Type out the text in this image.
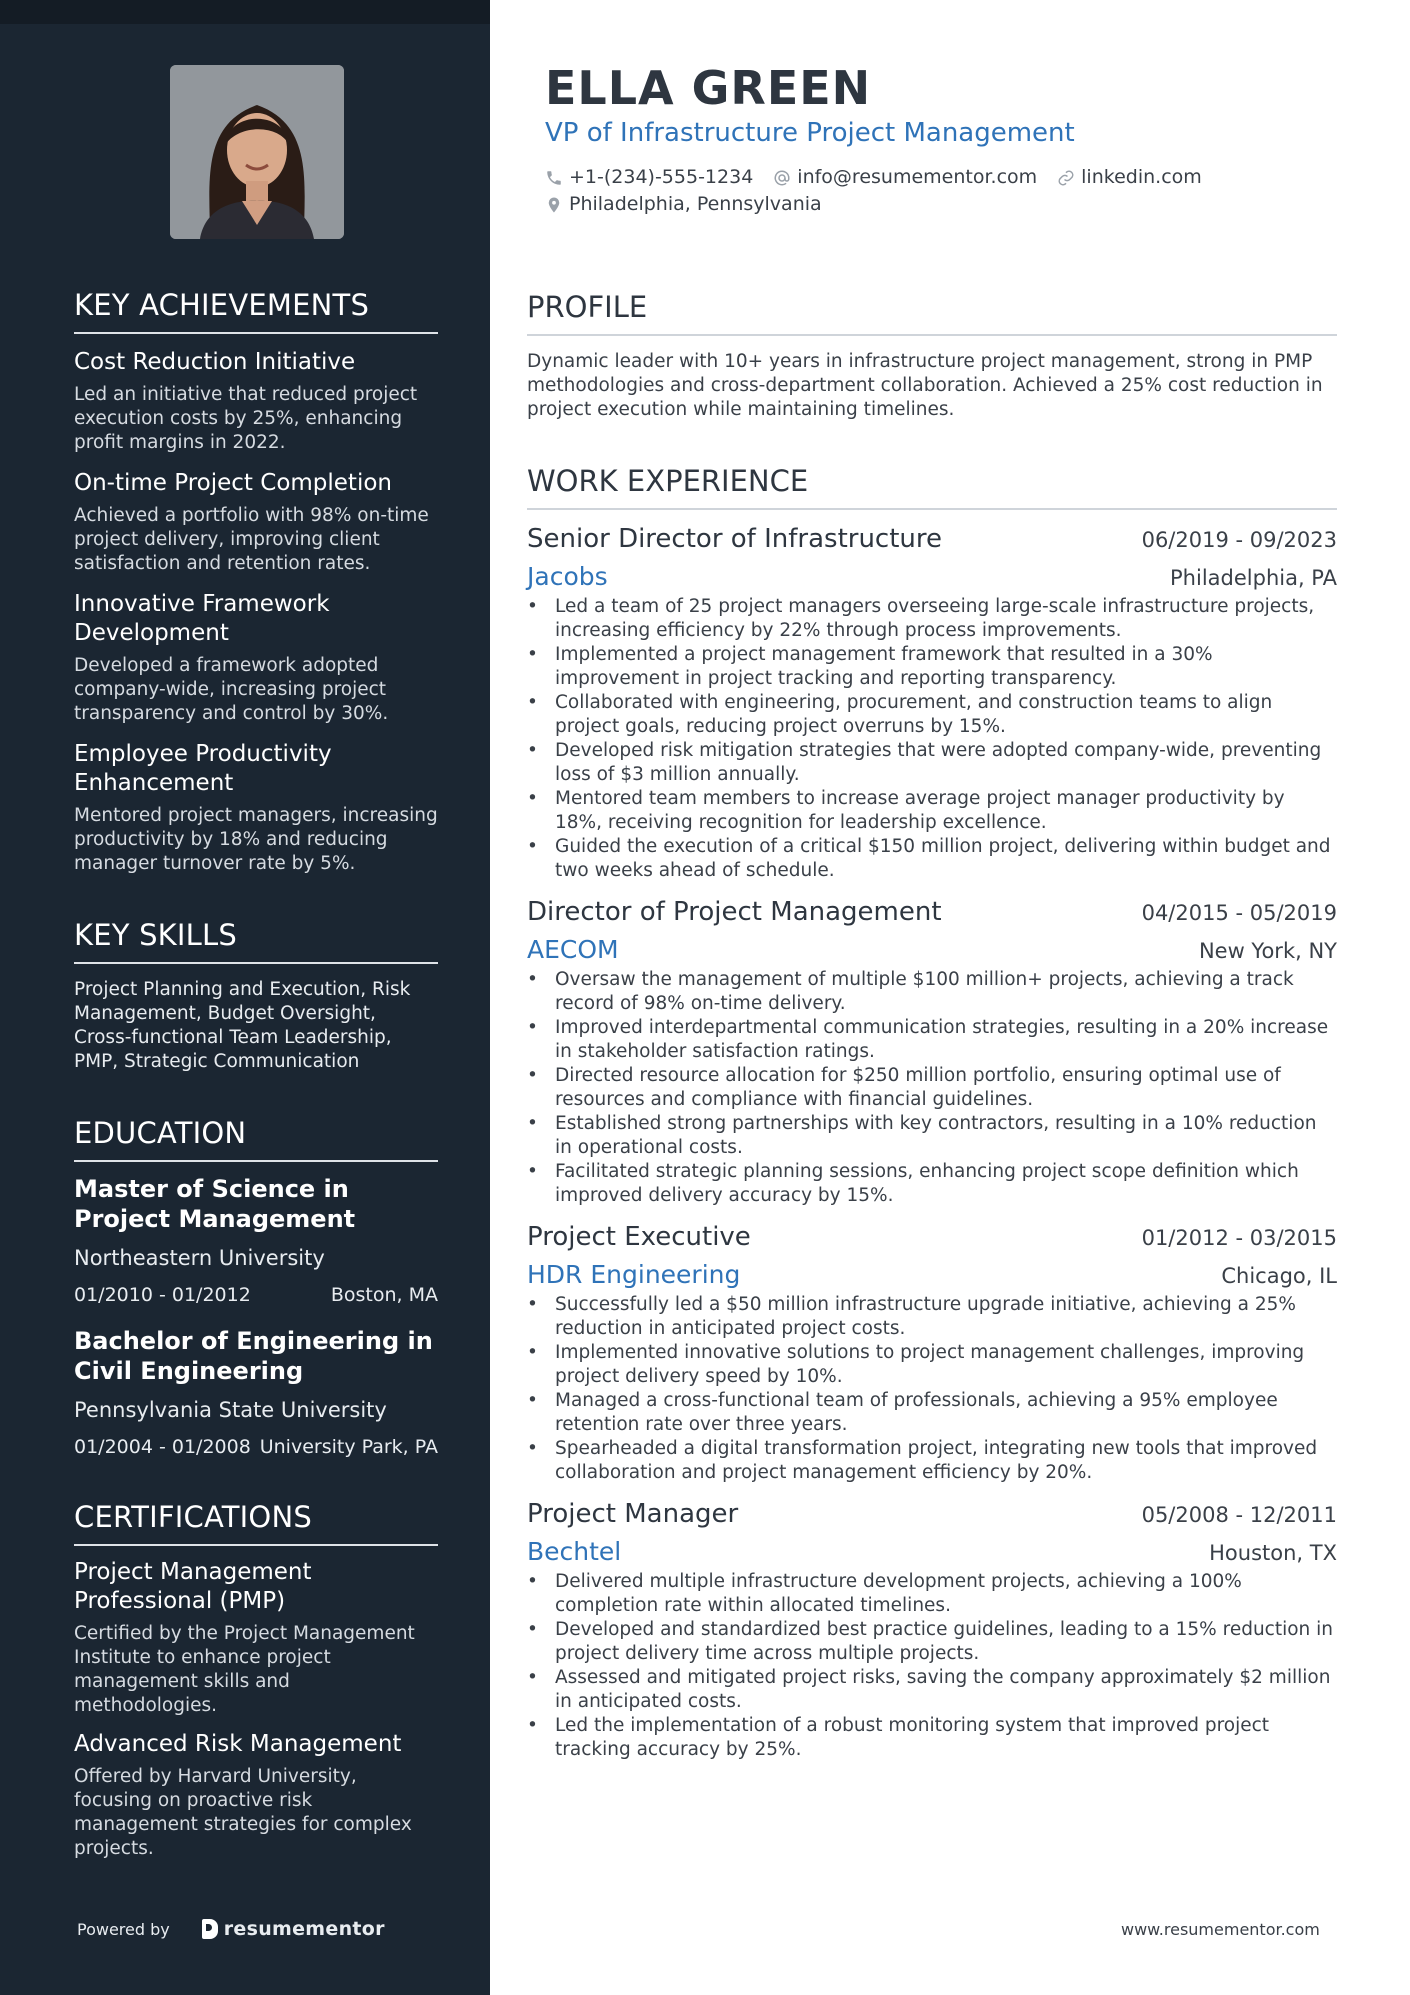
KEY ACHIEVEMENTS
Cost Reduction Initiative
Led an initiative that reduced project execution costs by 25%, enhancing profit margins in 2022.
On-time Project Completion
Achieved a portfolio with 98% on-time project delivery, improving client satisfaction and retention rates.
Innovative Framework Development
Developed a framework adopted company-wide, increasing project transparency and control by 30%.
Employee Productivity Enhancement
Mentored project managers, increasing productivity by 18% and reducing manager turnover rate by 5%.
KEY SKILLS
Project Planning and Execution, Risk Management, Budget Oversight, Cross-functional Team Leadership, PMP, Strategic Communication
EDUCATION
Master of Science in Project Management
Northeastern University
01/2010 - 01/2012	Boston, MA
Bachelor of Engineering in Civil Engineering
Pennsylvania State University
01/2004 - 01/2008 University Park, PA
CERTIFICATIONS
Project Management Professional (PMP)
Certified by the Project Management Institute to enhance project management skills and methodologies.
Advanced Risk Management
Offered by Harvard University, focusing on proactive risk management strategies for complex projects.
Powered by	resumementor
ELLA GREEN
VP of Infrastructure Project Management
+1-(234)-555-1234 info@resumementor.com linkedin.com
Philadelphia, Pennsylvania
PROFILE
Dynamic leader with 10+ years in infrastructure project management, strong in PMP methodologies and cross-department collaboration. Achieved a 25% cost reduction in project execution while maintaining timelines.
WORK EXPERIENCE
Senior Director of Infrastructure	06/2019 - 09/2023
Jacobs	Philadelphia, PA
• Led a team of 25 project managers overseeing large-scale infrastructure projects, increasing efficiency by 22% through process improvements.
• Implemented a project management framework that resulted in a 30% improvement in project tracking and reporting transparency.
• Collaborated with engineering, procurement, and construction teams to align project goals, reducing project overruns by 15%.
• Developed risk mitigation strategies that were adopted company-wide, preventing loss of $3 million annually.
• Mentored team members to increase average project manager productivity by 18%, receiving recognition for leadership excellence.
• Guided the execution of a critical $150 million project, delivering within budget and two weeks ahead of schedule.
Director of Project Management	04/2015 - 05/2019
AECOM	New York, NY
• Oversaw the management of multiple $100 million+ projects, achieving a track record of 98% on-time delivery.
• Improved interdepartmental communication strategies, resulting in a 20% increase in stakeholder satisfaction ratings.
• Directed resource allocation for $250 million portfolio, ensuring optimal use of resources and compliance with financial guidelines.
• Established strong partnerships with key contractors, resulting in a 10% reduction in operational costs.
• Facilitated strategic planning sessions, enhancing project scope definition which improved delivery accuracy by 15%.
Project Executive	01/2012 - 03/2015
HDR Engineering	Chicago, IL
• Successfully led a $50 million infrastructure upgrade initiative, achieving a 25% reduction in anticipated project costs.
• Implemented innovative solutions to project management challenges, improving project delivery speed by 10%.
• Managed a cross-functional team of professionals, achieving a 95% employee retention rate over three years.
• Spearheaded a digital transformation project, integrating new tools that improved collaboration and project management efficiency by 20%.
Project Manager	05/2008 - 12/2011
Bechtel	Houston, TX
• Delivered multiple infrastructure development projects, achieving a 100% completion rate within allocated timelines.
• Developed and standardized best practice guidelines, leading to a 15% reduction in project delivery time across multiple projects.
• Assessed and mitigated project risks, saving the company approximately $2 million in anticipated costs.
• Led the implementation of a robust monitoring system that improved project tracking accuracy by 25%.
www.resumementor.com
